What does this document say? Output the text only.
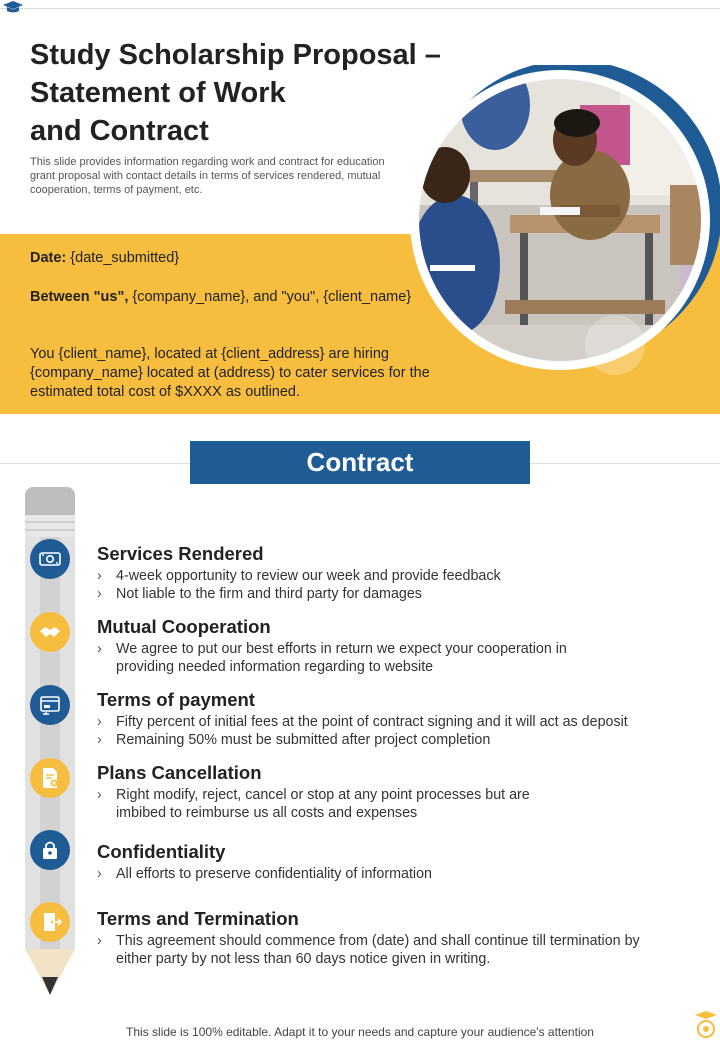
Study Scholarship Proposal –
Statement of Work
and Contract
This slide provides information regarding work and contract for education grant proposal with contact details in terms of services rendered, mutual cooperation, terms of payment, etc.
Date: {date_submitted}
Between "us", {company_name}, and "you", {client_name}
You {client_name}, located at {client_address} are hiring {company_name} located at (address) to cater services for the estimated total cost of $XXXX as outlined.
Contract
Services Rendered
› 4-week opportunity to review our week and provide feedback
› Not liable to the firm and third party for damages
Mutual Cooperation
› We agree to put our best efforts in return we expect your cooperation in providing needed information regarding to website
Terms of payment
› Fifty percent of initial fees at the point of contract signing and it will act as deposit
› Remaining 50% must be submitted after project completion
Plans Cancellation
› Right modify, reject, cancel or stop at any point processes but are imbibed to reimburse us all costs and expenses
Confidentiality
› All efforts to preserve confidentiality of information
Terms and Termination
› This agreement should commence from (date) and shall continue till termination by either party by not less than 60 days notice given in writing.
This slide is 100% editable. Adapt it to your needs and capture your audience's attention
